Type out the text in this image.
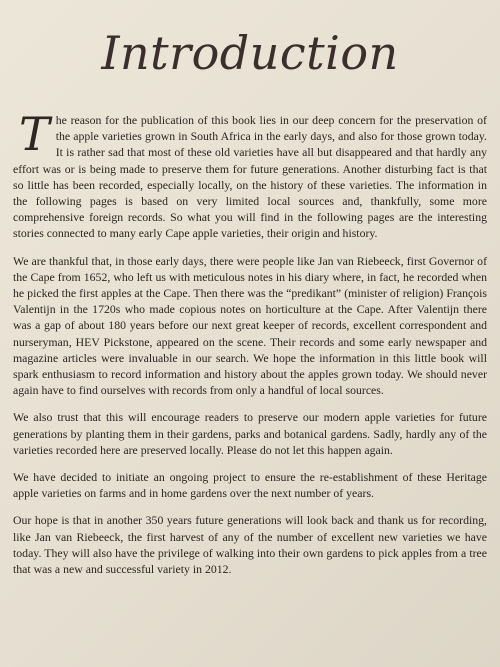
Introduction

The reason for the publication of this book lies in our deep concern for the preservation of the apple varieties grown in South Africa in the early days, and also for those grown today. It is rather sad that most of these old varieties have all but disappeared and that hardly any effort was or is being made to preserve them for future generations. Another disturbing fact is that so little has been recorded, especially locally, on the history of these varieties. The information in the following pages is based on very limited local sources and, thankfully, some more comprehensive foreign records. So what you will find in the following pages are the interesting stories connected to many early Cape apple varieties, their origin and history.

We are thankful that, in those early days, there were people like Jan van Riebeeck, first Governor of the Cape from 1652, who left us with meticulous notes in his diary where, in fact, he recorded when he picked the first apples at the Cape. Then there was the “predikant” (minister of religion) François Valentijn in the 1720s who made copious notes on horticulture at the Cape. After Valentijn there was a gap of about 180 years before our next great keeper of records, excellent correspondent and nurseryman, HEV Pickstone, appeared on the scene. Their records and some early newspaper and magazine articles were invaluable in our search. We hope the information in this little book will spark enthusiasm to record information and history about the apples grown today. We should never again have to find ourselves with records from only a handful of local sources.

We also trust that this will encourage readers to preserve our modern apple varieties for future generations by planting them in their gardens, parks and botanical gardens. Sadly, hardly any of the varieties recorded here are preserved locally. Please do not let this happen again.

We have decided to initiate an ongoing project to ensure the re-establishment of these Heritage apple varieties on farms and in home gardens over the next number of years.

Our hope is that in another 350 years future generations will look back and thank us for recording, like Jan van Riebeeck, the first harvest of any of the number of excellent new varieties we have today. They will also have the privilege of walking into their own gardens to pick apples from a tree that was a new and successful variety in 2012.
